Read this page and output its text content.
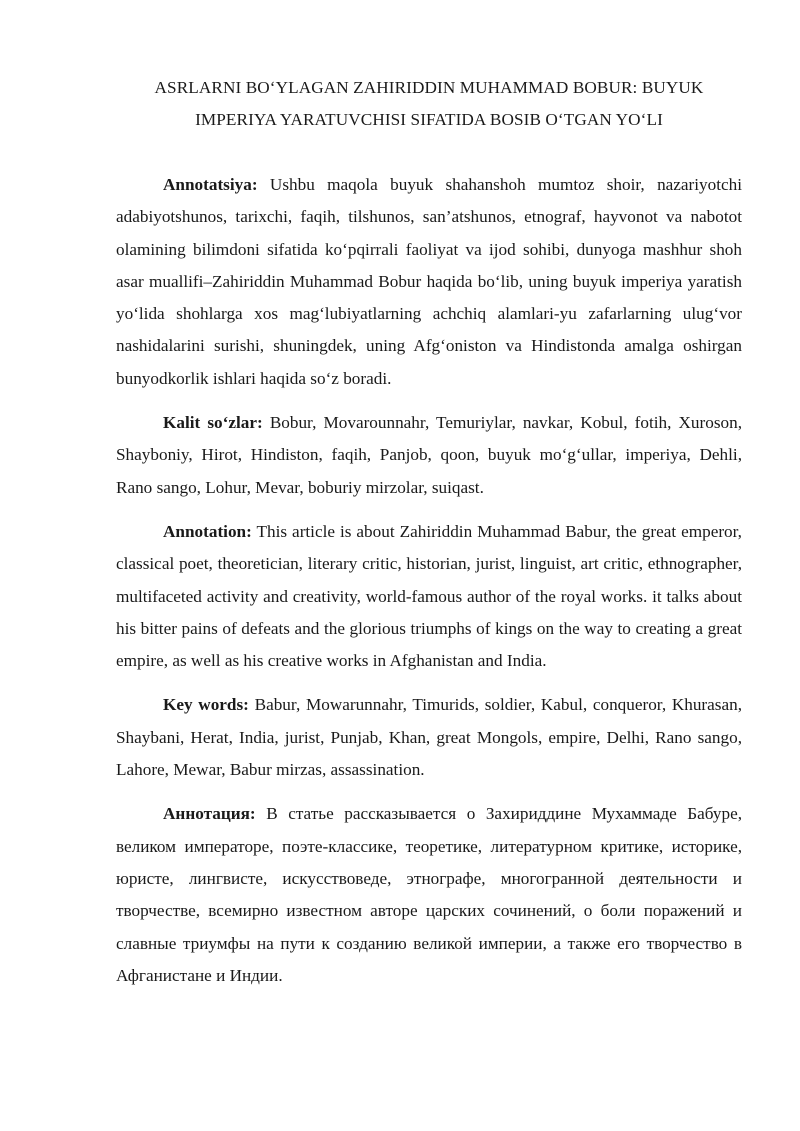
ASRLARNI BO‘YLAGAN ZAHIRIDDIN MUHAMMAD BOBUR: BUYUK
IMPERIYA YARATUVCHISI SIFATIDA BOSIB O‘TGAN YO‘LI

Annotatsiya: Ushbu maqola buyuk shahanshoh mumtoz shoir, nazariyotchi adabiyotshunos, tarixchi, faqih, tilshunos, san’atshunos, etnograf, hayvonot va nabotot olamining bilimdoni sifatida ko‘pqirrali faoliyat va ijod sohibi, dunyoga mashhur shoh asar muallifi–Zahiriddin Muhammad Bobur haqida bo‘lib, uning buyuk imperiya yaratish yo‘lida shohlarga xos mag‘lubiyatlarning achchiq alamlari-yu zafarlarning ulug‘vor nashidalarini surishi, shuningdek, uning Afg‘oniston va Hindistonda amalga oshirgan bunyodkorlik ishlari haqida so‘z boradi.

Kalit so‘zlar: Bobur, Movarounnahr, Temuriylar, navkar, Kobul, fotih, Xuroson, Shayboniy, Hirot, Hindiston, faqih, Panjob, qoon, buyuk mo‘g‘ullar, imperiya, Dehli, Rano sango, Lohur, Mevar, boburiy mirzolar, suiqast.

Annotation: This article is about Zahiriddin Muhammad Babur, the great emperor, classical poet, theoretician, literary critic, historian, jurist, linguist, art critic, ethnographer, multifaceted activity and creativity, world-famous author of the royal works. it talks about his bitter pains of defeats and the glorious triumphs of kings on the way to creating a great empire, as well as his creative works in Afghanistan and India.

Key words: Babur, Mowarunnahr, Timurids, soldier, Kabul, conqueror, Khurasan, Shaybani, Herat, India, jurist, Punjab, Khan, great Mongols, empire, Delhi, Rano sango, Lahore, Mewar, Babur mirzas, assassination.

Аннотация: В статье рассказывается о Захириддине Мухаммаде Бабуре, великом императоре, поэте-классике, теоретике, литературном критике, историке, юристе, лингвисте, искусствоведе, этнографе, многогранной деятельности и творчестве, всемирно известном авторе царских сочинений, о боли поражений и славные триумфы на пути к созданию великой империи, а также его творчество в Афганистане и Индии.
